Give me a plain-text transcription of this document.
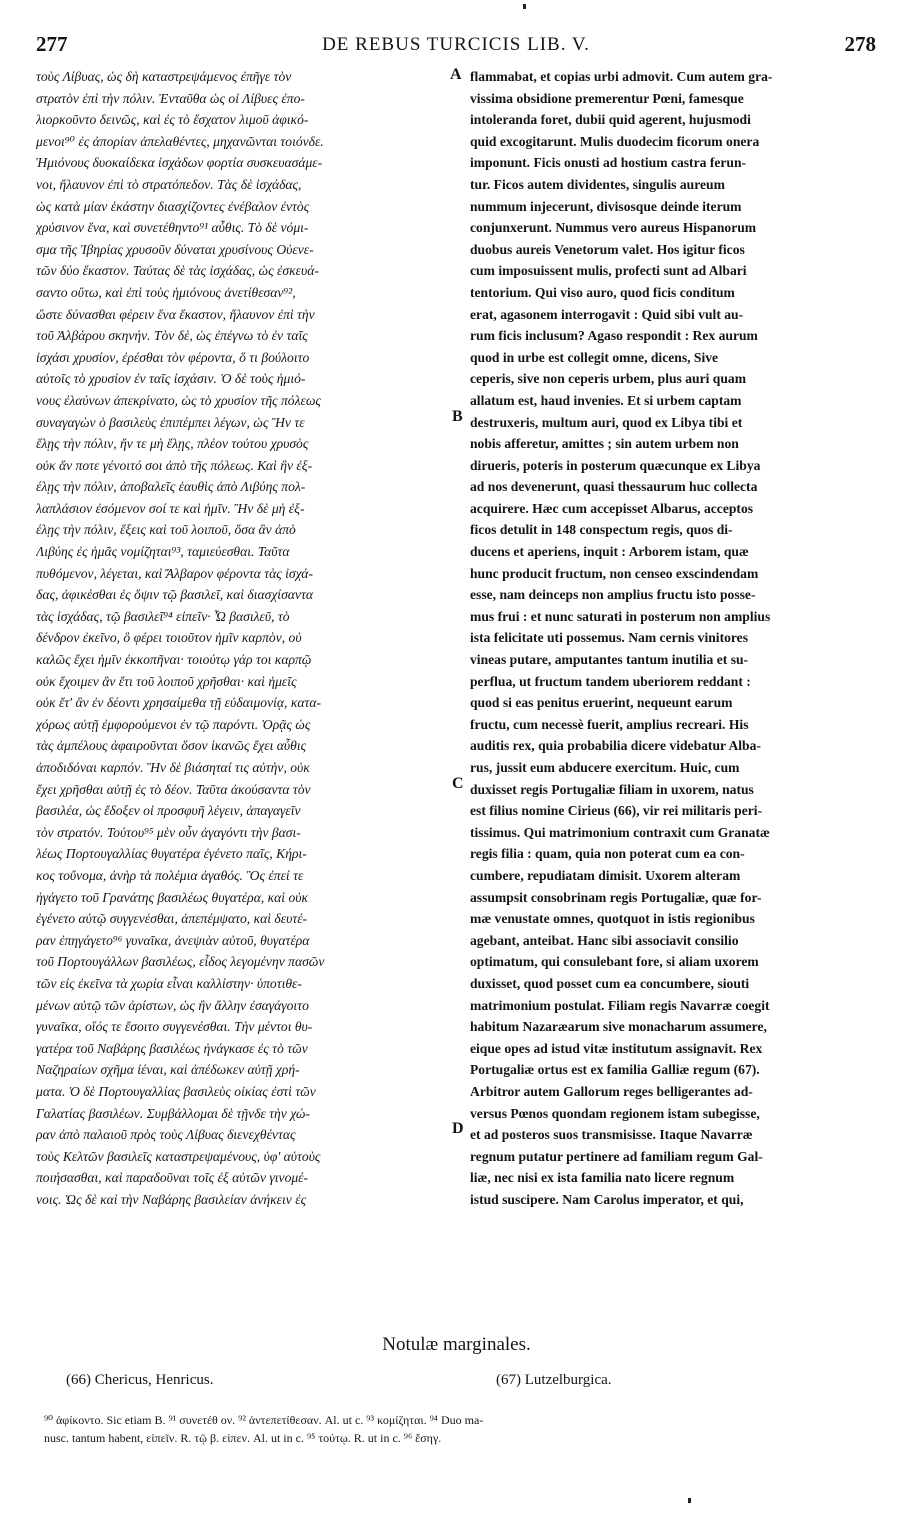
277	DE REBUS TURCICIS LIB. V.	278
τοὺς Λίβυας, ὡς δὴ καταστρεψάμενος ἐπῆγε τὸν
στρατὸν ἐπὶ τὴν πόλιν. Ἐνταῦθα ὡς οἱ Λίβυες ἐπο-
λιορκοῦντο δεινῶς, καὶ ἐς τὸ ἔσχατον λιμοῦ ἀφικό-
μενοι⁹⁰ ἐς ἀπορίαν ἀπελαθέντες, μηχανῶνται τοιόνδε.
Ἡμιόνους δυοκαίδεκα ἰσχάδων φορτία συσκευασάμε-
νοι, ἤλαυνον ἐπὶ τὸ στρατόπεδον. Τὰς δὲ ἰσχάδας,
ὡς κατὰ μίαν ἑκάστην διασχίζοντες ἐνέβαλον ἐντὸς
χρύσινον ἕνα, καὶ συνετέθηντο⁹¹ αὖθις. Τὸ δὲ νόμι-
σμα τῆς Ἰβηρίας χρυσοῦν δύναται χρυσίνους Οὐενε-
τῶν δύο ἕκαστον. Ταύτας δὲ τὰς ἰσχάδας, ὡς ἐσκευά-
σαντο οὕτω, καὶ ἐπὶ τοὺς ἡμιόνους ἀνετίθεσαν⁹²,
ὥστε δύνασθαι φέρειν ἕνα ἕκαστον, ἤλαυνον ἐπὶ τὴν
τοῦ Ἀλβάρου σκηνήν. Τὸν δὲ, ὡς ἐπέγνω τὸ ἐν ταῖς
ἰσχάσι χρυσίον, ἐρέσθαι τὸν φέροντα, ὅ τι βούλοιτο
αὐτοῖς τὸ χρυσίον ἐν ταῖς ἰσχάσιν. Ὁ δὲ τοὺς ἡμιό-
νους ἐλαύνων ἀπεκρίνατο, ὡς τὸ χρυσίον τῆς πόλεως
συναγαγὼν ὁ βασιλεὺς ἐπιπέμπει λέγων, ὡς Ἢν τε
ἕλῃς τὴν πόλιν, ἤν τε μὴ ἕλῃς, πλέον τούτου χρυσὸς
οὐκ ἄν ποτε γένοιτό σοι ἀπὸ τῆς πόλεως. Καὶ ἢν ἐξ-
έλῃς τὴν πόλιν, ἀποβαλεῖς ἑαυθὶς ἀπὸ Λιβύης πολ-
λαπλάσιον ἐσόμενον σοί τε καὶ ἡμῖν. Ἢν δὲ μὴ ἐξ-
έλῃς τὴν πόλιν, ἕξεις καὶ τοῦ λοιποῦ, ὅσα ἂν ἀπὸ
Λιβύης ἐς ἡμᾶς νομίζηται⁹³, ταμιεύεσθαι. Ταῦτα
πυθόμενον, λέγεται, καὶ Ἄλβαρον φέροντα τὰς ἰσχά-
δας, ἀφικέσθαι ἐς ὄψιν τῷ βασιλεῖ, καὶ διασχίσαντα
τὰς ἰσχάδας, τῷ βασιλεῖ⁹⁴ εἰπεῖν· Ὦ βασιλεῦ, τὸ
δένδρον ἐκεῖνο, ὃ φέρει τοιοῦτον ἡμῖν καρπὸν, οὐ
καλῶς ἔχει ἡμῖν ἐκκοπῆναι· τοιούτῳ γάρ τοι καρπῷ
οὐκ ἔχοιμεν ἂν ἔτι τοῦ λοιποῦ χρῆσθαι· καὶ ἡμεῖς
οὐκ ἔτ' ἂν ἐν δέοντι χρησαίμεθα τῇ εὐδαιμονίᾳ, κατα-
χόρως αὐτῇ ἐμφορούμενοι ἐν τῷ παρόντι. Ὁρᾷς ὡς
τὰς ἀμπέλους ἀφαιροῦνται ὅσον ἱκανῶς ἔχει αὖθις
ἀποδιδόναι καρπόν. Ἢν δὲ βιάσηταί τις αὐτὴν, οὐκ
ἔχει χρῆσθαι αὐτῇ ἐς τὸ δέον. Ταῦτα ἀκούσαντα τὸν
βασιλέα, ὡς ἔδοξεν οἱ προσφυῆ λέγειν, ἀπαγαγεῖν
τὸν στρατόν. Τούτου⁹⁵ μὲν οὖν ἀγαγόντι τὴν βασι-
λέως Πορτουγαλλίας θυγατέρα ἐγένετο παῖς, Κήρι-
κος τοὔνομα, ἀνὴρ τὰ πολέμια ἀγαθός. Ὃς ἐπεί τε
ἠγάγετο τοῦ Γρανάτης βασιλέως θυγατέρα, καὶ οὐκ
ἐγένετο αὐτῷ συγγενέσθαι, ἀπεπέμψατο, καὶ δευτέ-
ραν ἐπηγάγετο⁹⁶ γυναῖκα, ἀνεψιὰν αὐτοῦ, θυγατέρα
τοῦ Πορτουγάλλων βασιλέως, εἶδος λεγομένην πασῶν
τῶν εἰς ἐκεῖνα τὰ χωρία εἶναι καλλίστην· ὑποτιθε-
μένων αὐτῷ τῶν ἀρίστων, ὡς ἢν ἄλλην ἐσαγάγοιτο
γυναῖκα, οἵός τε ἔσοιτο συγγενέσθαι. Τὴν μέντοι θυ-
γατέρα τοῦ Ναβάρης βασιλέως ἠνάγκασε ἐς τὸ τῶν
Ναζηραίων σχῆμα ἰέναι, καὶ ἀπέδωκεν αὐτῇ χρή-
ματα. Ὁ δὲ Πορτουγαλλίας βασιλεὺς οἰκίας ἐστὶ τῶν
Γαλατίας βασιλέων. Συμβάλλομαι δὲ τῇνδε τὴν χώ-
ραν ἀπὸ παλαιοῦ πρὸς τοὺς Λίβυας διενεχθέντας
τοὺς Κελτῶν βασιλεῖς καταστρεψαμένους, ὑφ' αὑτοὺς
ποιήσασθαι, καὶ παραδοῦναι τοῖς ἐξ αὐτῶν γινομέ-
νοις. Ὡς δὲ καὶ τὴν Ναβάρης βασιλείαν ἀνήκειν ἐς
flammabat, et copias urbi admovit. Cum autem gra-
vissima obsidione premerentur Pœni, famesque
intoleranda foret, dubii quid agerent, hujusmodi
quid excogitarunt. Mulis duodecim ficorum onera
imponunt. Ficis onusti ad hostium castra ferun-
tur. Ficos autem dividentes, singulis aureum
nummum injecerunt, divisosque deinde iterum
conjunxerunt. Nummus vero aureus Hispanorum
duobus aureis Venetorum valet. Hos igitur ficos
cum imposuissent mulis, profecti sunt ad Albari
tentorium. Qui viso auro, quod ficis conditum
erat, agasonem interrogavit : Quid sibi vult au-
rum ficis inclusum? Agaso respondit : Rex aurum
quod in urbe est collegit omne, dicens, Sive
ceperis, sive non ceperis urbem, plus auri quam
allatum est, haud invenies. Et si urbem captam
destruxeris, multum auri, quod ex Libya tibi et
nobis afferetur, amittes ; sin autem urbem non
dirueris, poteris in posterum quæcunque ex Libya
ad nos devenerunt, quasi thessaurum huc collecta
acquirere. Hæc cum accepisset Albarus, acceptos
ficos detulit in 148 conspectum regis, quos di-
ducens et aperiens, inquit : Arborem istam, quæ
hunc producit fructum, non censeo exscindendam
esse, nam deinceps non amplius fructu isto posse-
mus frui : et nunc saturati in posterum non amplius
ista felicitate uti possemus. Nam cernis vinitores
vineas putare, amputantes tantum inutilia et su-
perflua, ut fructum tandem uberiorem reddant :
quod si eas penitus eruerint, nequeunt earum
fructu, cum necessè fuerit, amplius recreari. His
auditis rex, quia probabilia dicere videbatur Alba-
rus, jussit eum abducere exercitum. Huic, cum
duxisset regis Portugaliæ filiam in uxorem, natus
est filius nomine Cirieus (66), vir rei militaris peri-
tissimus. Qui matrimonium contraxit cum Granatæ
regis filia : quam, quia non poterat cum ea con-
cumbere, repudiatam dimisit. Uxorem alteram
assumpsit consobrinam regis Portugaliæ, quæ for-
mæ venustate omnes, quotquot in istis regionibus
agebant, anteibat. Hanc sibi associavit consilio
optimatum, qui consulebant fore, si aliam uxorem
duxisset, quod posset cum ea concumbere, siouti
matrimonium postulat. Filiam regis Navarræ coegit
habitum Nazaræarum sive monacharum assumere,
eique opes ad istud vitæ institutum assignavit. Rex
Portugaliæ ortus est ex familia Galliæ regum (67).
Arbitror autem Gallorum reges belligerantes ad-
versus Pœnos quondam regionem istam subegisse,
et ad posteros suos transmisisse. Itaque Navarræ
regnum putatur pertinere ad familiam regum Gal-
liæ, nec nisi ex ista familia nato licere regnum
istud suscipere. Nam Carolus imperator, et qui,
A
B
C
D
Notulæ marginales.
(66) Chericus, Henricus.	(67) Lutzelburgica.
⁹⁰ ἀφίκοντο. Sic etiam B. ⁹¹ συνετέθ ον. ⁹² ἀντεπετίθεσαν. Al. ut c. ⁹³ κομίζηται. ⁹⁴ Duo ma-
nusc. tantum habent, εἰπεῖν. R. τῷ β. εἰπεν. Al. ut in c. ⁹⁵ τούτῳ. R. ut in c. ⁹⁶ ἔσηγ.
